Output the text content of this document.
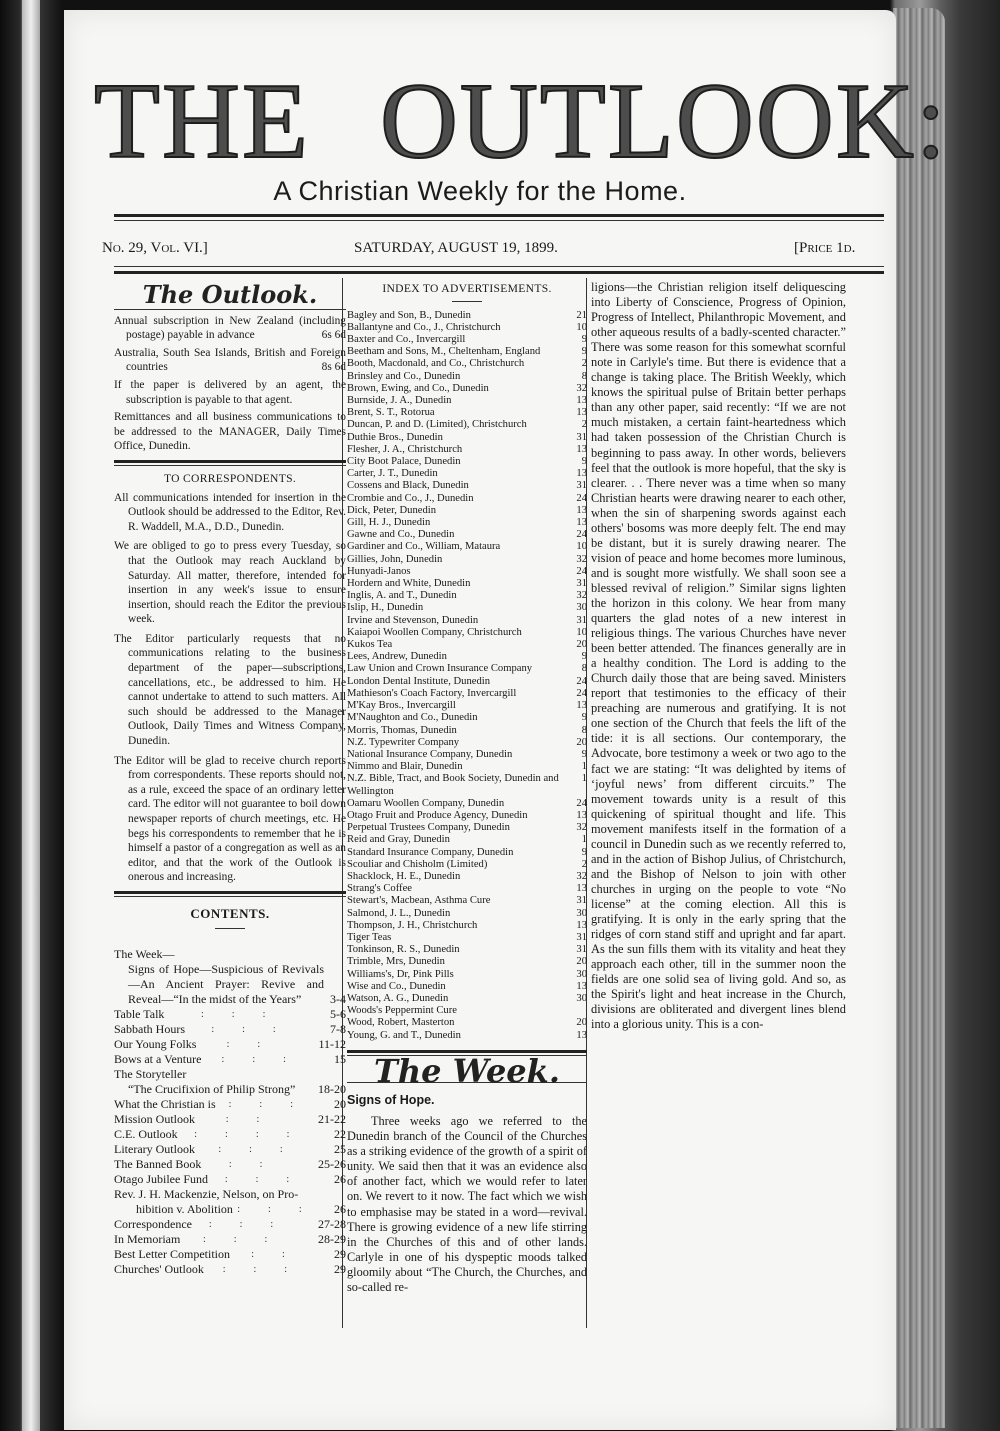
THE OUTLOOK:
A Christian Weekly for the Home.
No. 29, Vol. VI.]	SATURDAY, AUGUST 19, 1899.	[Price 1d.
The Outlook.

Annual subscription in New Zealand (including postage) payable in advance	6s 6d

Australia, South Sea Islands, British and Foreign countries	8s 6d

If the paper is delivered by an agent, the subscription is payable to that agent.

Remittances and all business communications to be addressed to the MANAGER, Daily Times Office, Dunedin.

TO CORRESPONDENTS.

All communications intended for insertion in the Outlook should be addressed to the Editor, Rev. R. Waddell, M.A., D.D., Dunedin.

We are obliged to go to press every Tuesday, so that the Outlook may reach Auckland by Saturday. All matter, therefore, intended for insertion in any week's issue to ensure insertion, should reach the Editor the previous week.

The Editor particularly requests that no communications relating to the business department of the paper—subscriptions, cancellations, etc., be addressed to him. He cannot undertake to attend to such matters. All such should be addressed to the Manager Outlook, Daily Times and Witness Company, Dunedin.

The Editor will be glad to receive church reports from correspondents. These reports should not, as a rule, exceed the space of an ordinary letter card. The editor will not guarantee to boil down newspaper reports of church meetings, etc. He begs his correspondents to remember that he is himself a pastor of a congregation as well as an editor, and that the work of the Outlook is onerous and increasing.

CONTENTS.
The Week—
Signs of Hope—Suspicious of Revivals—An Ancient Prayer: Revive and Reveal—“In the midst of the Years”	3-4
Table Talk	:::	5-6
Sabbath Hours	:::	7-8
Our Young Folks	::	11-12
Bows at a Venture	:::	15
The Storyteller
“The Crucifixion of Philip Strong” 18-20
What the Christian is	:::	20
Mission Outlook	::	21-22
C.E. Outlook	::::	22
Literary Outlook	:::	25
The Banned Book	::	25-26
Otago Jubilee Fund	:::	26
Rev. J. H. Mackenzie, Nelson, on Pro-
hibition v. Abolition ::: 26
Correspondence	:::	27-28
In Memoriam	:::	28-29
Best Letter Competition	::	29
Churches' Outlook	:::	29
INDEX TO ADVERTISEMENTS.
Bagley and Son, B., Dunedin	21
Ballantyne and Co., J., Christchurch	10
Baxter and Co., Invercargill	9
Beetham and Sons, M., Cheltenham, England	9
Booth, Macdonald, and Co., Christchurch	2
Brinsley and Co., Dunedin	8
Brown, Ewing, and Co., Dunedin	32
Burnside, J. A., Dunedin	13
Brent, S. T., Rotorua	13
Duncan, P. and D. (Limited), Christchurch	2
Duthie Bros., Dunedin	31
Flesher, J. A., Christchurch	13
City Boot Palace, Dunedin	9
Carter, J. T., Dunedin	13
Cossens and Black, Dunedin	31
Crombie and Co., J., Dunedin	24
Dick, Peter, Dunedin	13
Gill, H. J., Dunedin	13
Gawne and Co., Dunedin	24
Gardiner and Co., William, Mataura	10
Gillies, John, Dunedin	32
Hunyadi-Janos	24
Hordern and White, Dunedin	31
Inglis, A. and T., Dunedin	32
Islip, H., Dunedin	30
Irvine and Stevenson, Dunedin	31
Kaiapoi Woollen Company, Christchurch	10
Kukos Tea	20
Lees, Andrew, Dunedin	9
Law Union and Crown Insurance Company	8
London Dental Institute, Dunedin	24
Mathieson's Coach Factory, Invercargill	24
M'Kay Bros., Invercargill	13
M'Naughton and Co., Dunedin	9
Morris, Thomas, Dunedin	8
N.Z. Typewriter Company	20
National Insurance Company, Dunedin	9
Nimmo and Blair, Dunedin	1
N.Z. Bible, Tract, and Book Society, Dunedin and Wellington
1
Oamaru Woollen Company, Dunedin	24
Otago Fruit and Produce Agency, Dunedin	13
Perpetual Trustees Company, Dunedin	32
Reid and Gray, Dunedin	1
Standard Insurance Company, Dunedin	9
Scouliar and Chisholm (Limited)	2
Shacklock, H. E., Dunedin	32
Strang's Coffee	13
Stewart's, Macbean, Asthma Cure	31
Salmond, J. L., Dunedin	30
Thompson, J. H., Christchurch	13
Tiger Teas	31
Tonkinson, R. S., Dunedin	31
Trimble, Mrs, Dunedin	20
Williams's, Dr, Pink Pills	30
Wise and Co., Dunedin	13
Watson, A. G., Dunedin	30
Woods's Peppermint Cure
Wood, Robert, Masterton	20
Young, G. and T., Dunedin	13
The Week.
Signs of Hope.

Three weeks ago we referred to the Dunedin branch of the Council of the Churches as a striking evidence of the growth of a spirit of unity. We said then that it was an evidence also of another fact, which we would refer to later on. We revert to it now. The fact which we wish to emphasise may be stated in a word—revival. There is growing evidence of a new life stirring in the Churches of this and of other lands. Carlyle in one of his dyspeptic moods talked gloomily about “The Church, the Churches, and so-called re-

ligions—the Christian religion itself deliquescing into Liberty of Conscience, Progress of Opinion, Progress of Intellect, Philanthropic Movement, and other aqueous results of a badly-scented character.” There was some reason for this somewhat scornful note in Carlyle's time. But there is evidence that a change is taking place. The British Weekly, which knows the spiritual pulse of Britain better perhaps than any other paper, said recently: “If we are not much mistaken, a certain faint-heartedness which had taken possession of the Christian Church is beginning to pass away. In other words, believers feel that the outlook is more hopeful, that the sky is clearer. . . There never was a time when so many Christian hearts were drawing nearer to each other, when the sin of sharpening swords against each others' bosoms was more deeply felt. The end may be distant, but it is surely drawing nearer. The vision of peace and home becomes more luminous, and is sought more wistfully. We shall soon see a blessed revival of religion.” Similar signs lighten the horizon in this colony. We hear from many quarters the glad notes of a new interest in religious things. The various Churches have never been better attended. The finances generally are in a healthy condition. The Lord is adding to the Church daily those that are being saved. Ministers report that testimonies to the efficacy of their preaching are numerous and gratifying. It is not one section of the Church that feels the lift of the tide: it is all sections. Our contemporary, the Advocate, bore testimony a week or two ago to the fact we are stating: “It was delighted by items of ‘joyful news’ from different circuits.” The movement towards unity is a result of this quickening of spiritual thought and life. This movement manifests itself in the formation of a council in Dunedin such as we recently referred to, and in the action of Bishop Julius, of Christchurch, and the Bishop of Nelson to join with other churches in urging on the people to vote “No license” at the coming election. All this is gratifying. It is only in the early spring that the ridges of corn stand stiff and upright and far apart. As the sun fills them with its vitality and heat they approach each other, till in the summer noon the fields are one solid sea of living gold. And so, as the Spirit's light and heat increase in the Church, divisions are obliterated and divergent lines blend into a glorious unity. This is a con-
